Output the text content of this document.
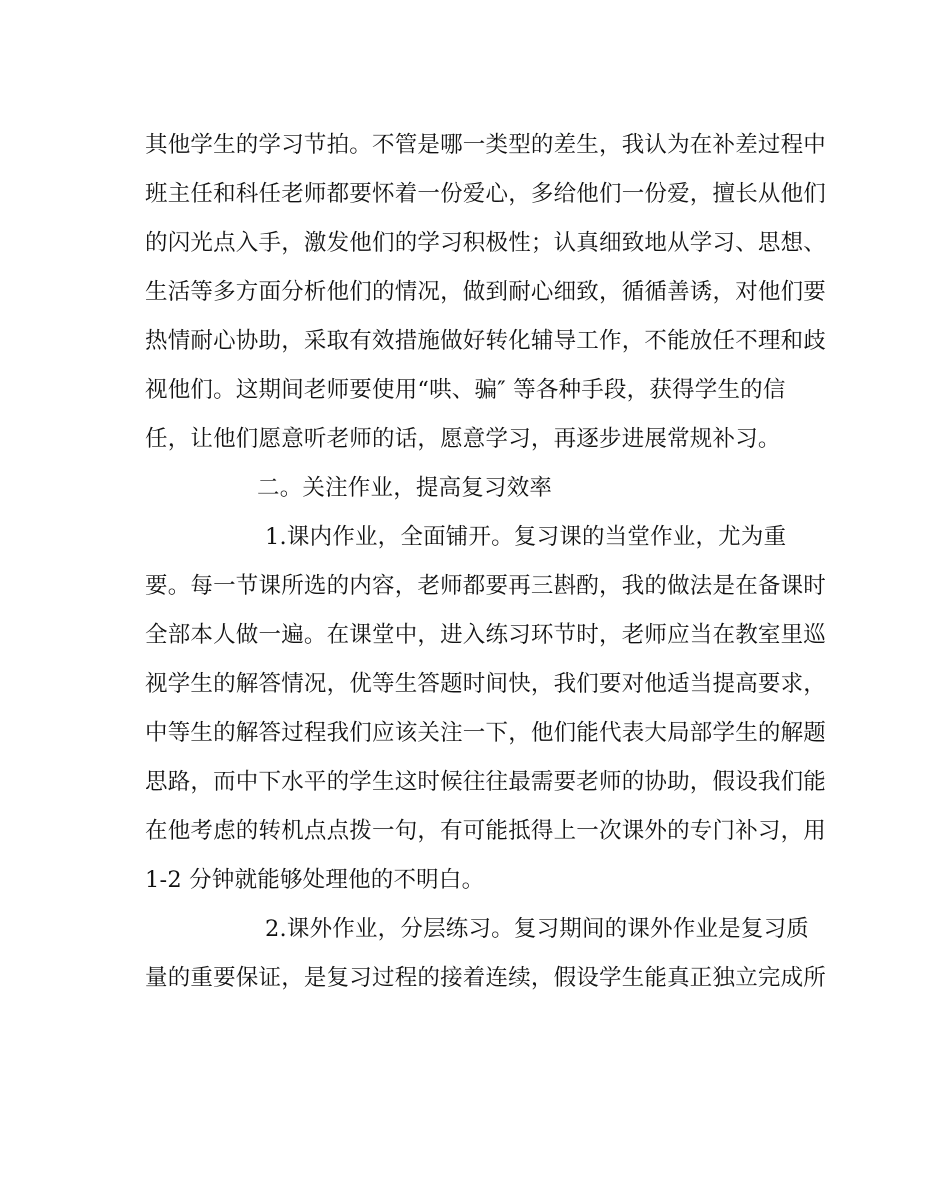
其他学生的学习节拍。不管是哪一类型的差生，我认为在补差过程中
班主任和科任老师都要怀着一份爱心，多给他们一份爱，擅长从他们
的闪光点入手，激发他们的学习积极性；认真细致地从学习、思想、
生活等多方面分析他们的情况，做到耐心细致，循循善诱，对他们要
热情耐心协助，采取有效措施做好转化辅导工作，不能放任不理和歧
视他们。这期间老师要使用“哄、骗″ 等各种手段，获得学生的信
任，让他们愿意听老师的话，愿意学习，再逐步进展常规补习。
二。关注作业，提高复习效率
1.课内作业，全面铺开。复习课的当堂作业，尤为重
要。每一节课所选的内容，老师都要再三斟酌，我的做法是在备课时
全部本人做一遍。在课堂中，进入练习环节时，老师应当在教室里巡
视学生的解答情况，优等生答题时间快，我们要对他适当提高要求，
中等生的解答过程我们应该关注一下，他们能代表大局部学生的解题
思路，而中下水平的学生这时候往往最需要老师的协助，假设我们能
在他考虑的转机点点拨一句，有可能抵得上一次课外的专门补习，用
1-2 分钟就能够处理他的不明白。
2.课外作业，分层练习。复习期间的课外作业是复习质
量的重要保证，是复习过程的接着连续，假设学生能真正独立完成所
